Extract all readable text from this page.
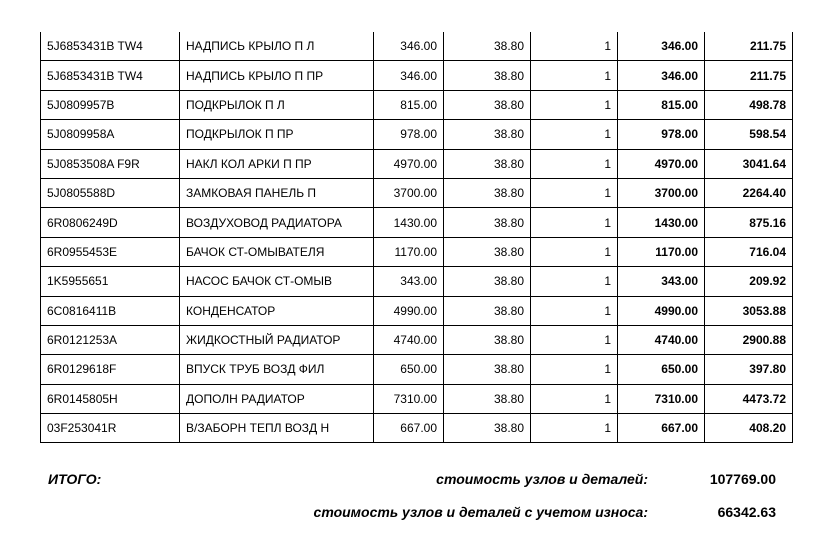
5J6853431B TW4	НАДПИСЬ КРЫЛО П Л	346.00	38.80	1	346.00	211.75
5J6853431B TW4	НАДПИСЬ КРЫЛО П ПР	346.00	38.80	1	346.00	211.75
5J0809957B	ПОДКРЫЛОК П Л	815.00	38.80	1	815.00	498.78
5J0809958A	ПОДКРЫЛОК П ПР	978.00	38.80	1	978.00	598.54
5J0853508A F9R	НАКЛ КОЛ АРКИ П ПР	4970.00	38.80	1	4970.00	3041.64
5J0805588D	ЗАМКОВАЯ ПАНЕЛЬ П	3700.00	38.80	1	3700.00	2264.40
6R0806249D	ВОЗДУХОВОД РАДИАТОРА	1430.00	38.80	1	1430.00	875.16
6R0955453E	БАЧОК СТ-ОМЫВАТЕЛЯ	1170.00	38.80	1	1170.00	716.04
1K5955651	НАСОС БАЧОК СТ-ОМЫВ	343.00	38.80	1	343.00	209.92
6C0816411B	КОНДЕНСАТОР	4990.00	38.80	1	4990.00	3053.88
6R0121253A	ЖИДКОСТНЫЙ РАДИАТОР	4740.00	38.80	1	4740.00	2900.88
6R0129618F	ВПУСК ТРУБ ВОЗД ФИЛ	650.00	38.80	1	650.00	397.80
6R0145805H	ДОПОЛН РАДИАТОР	7310.00	38.80	1	7310.00	4473.72
03F253041R	В/ЗАБОРН ТЕПЛ ВОЗД Н	667.00	38.80	1	667.00	408.20
ИТОГО:	стоимость узлов и деталей:	107769.00
стоимость узлов и деталей с учетом износа:	66342.63
